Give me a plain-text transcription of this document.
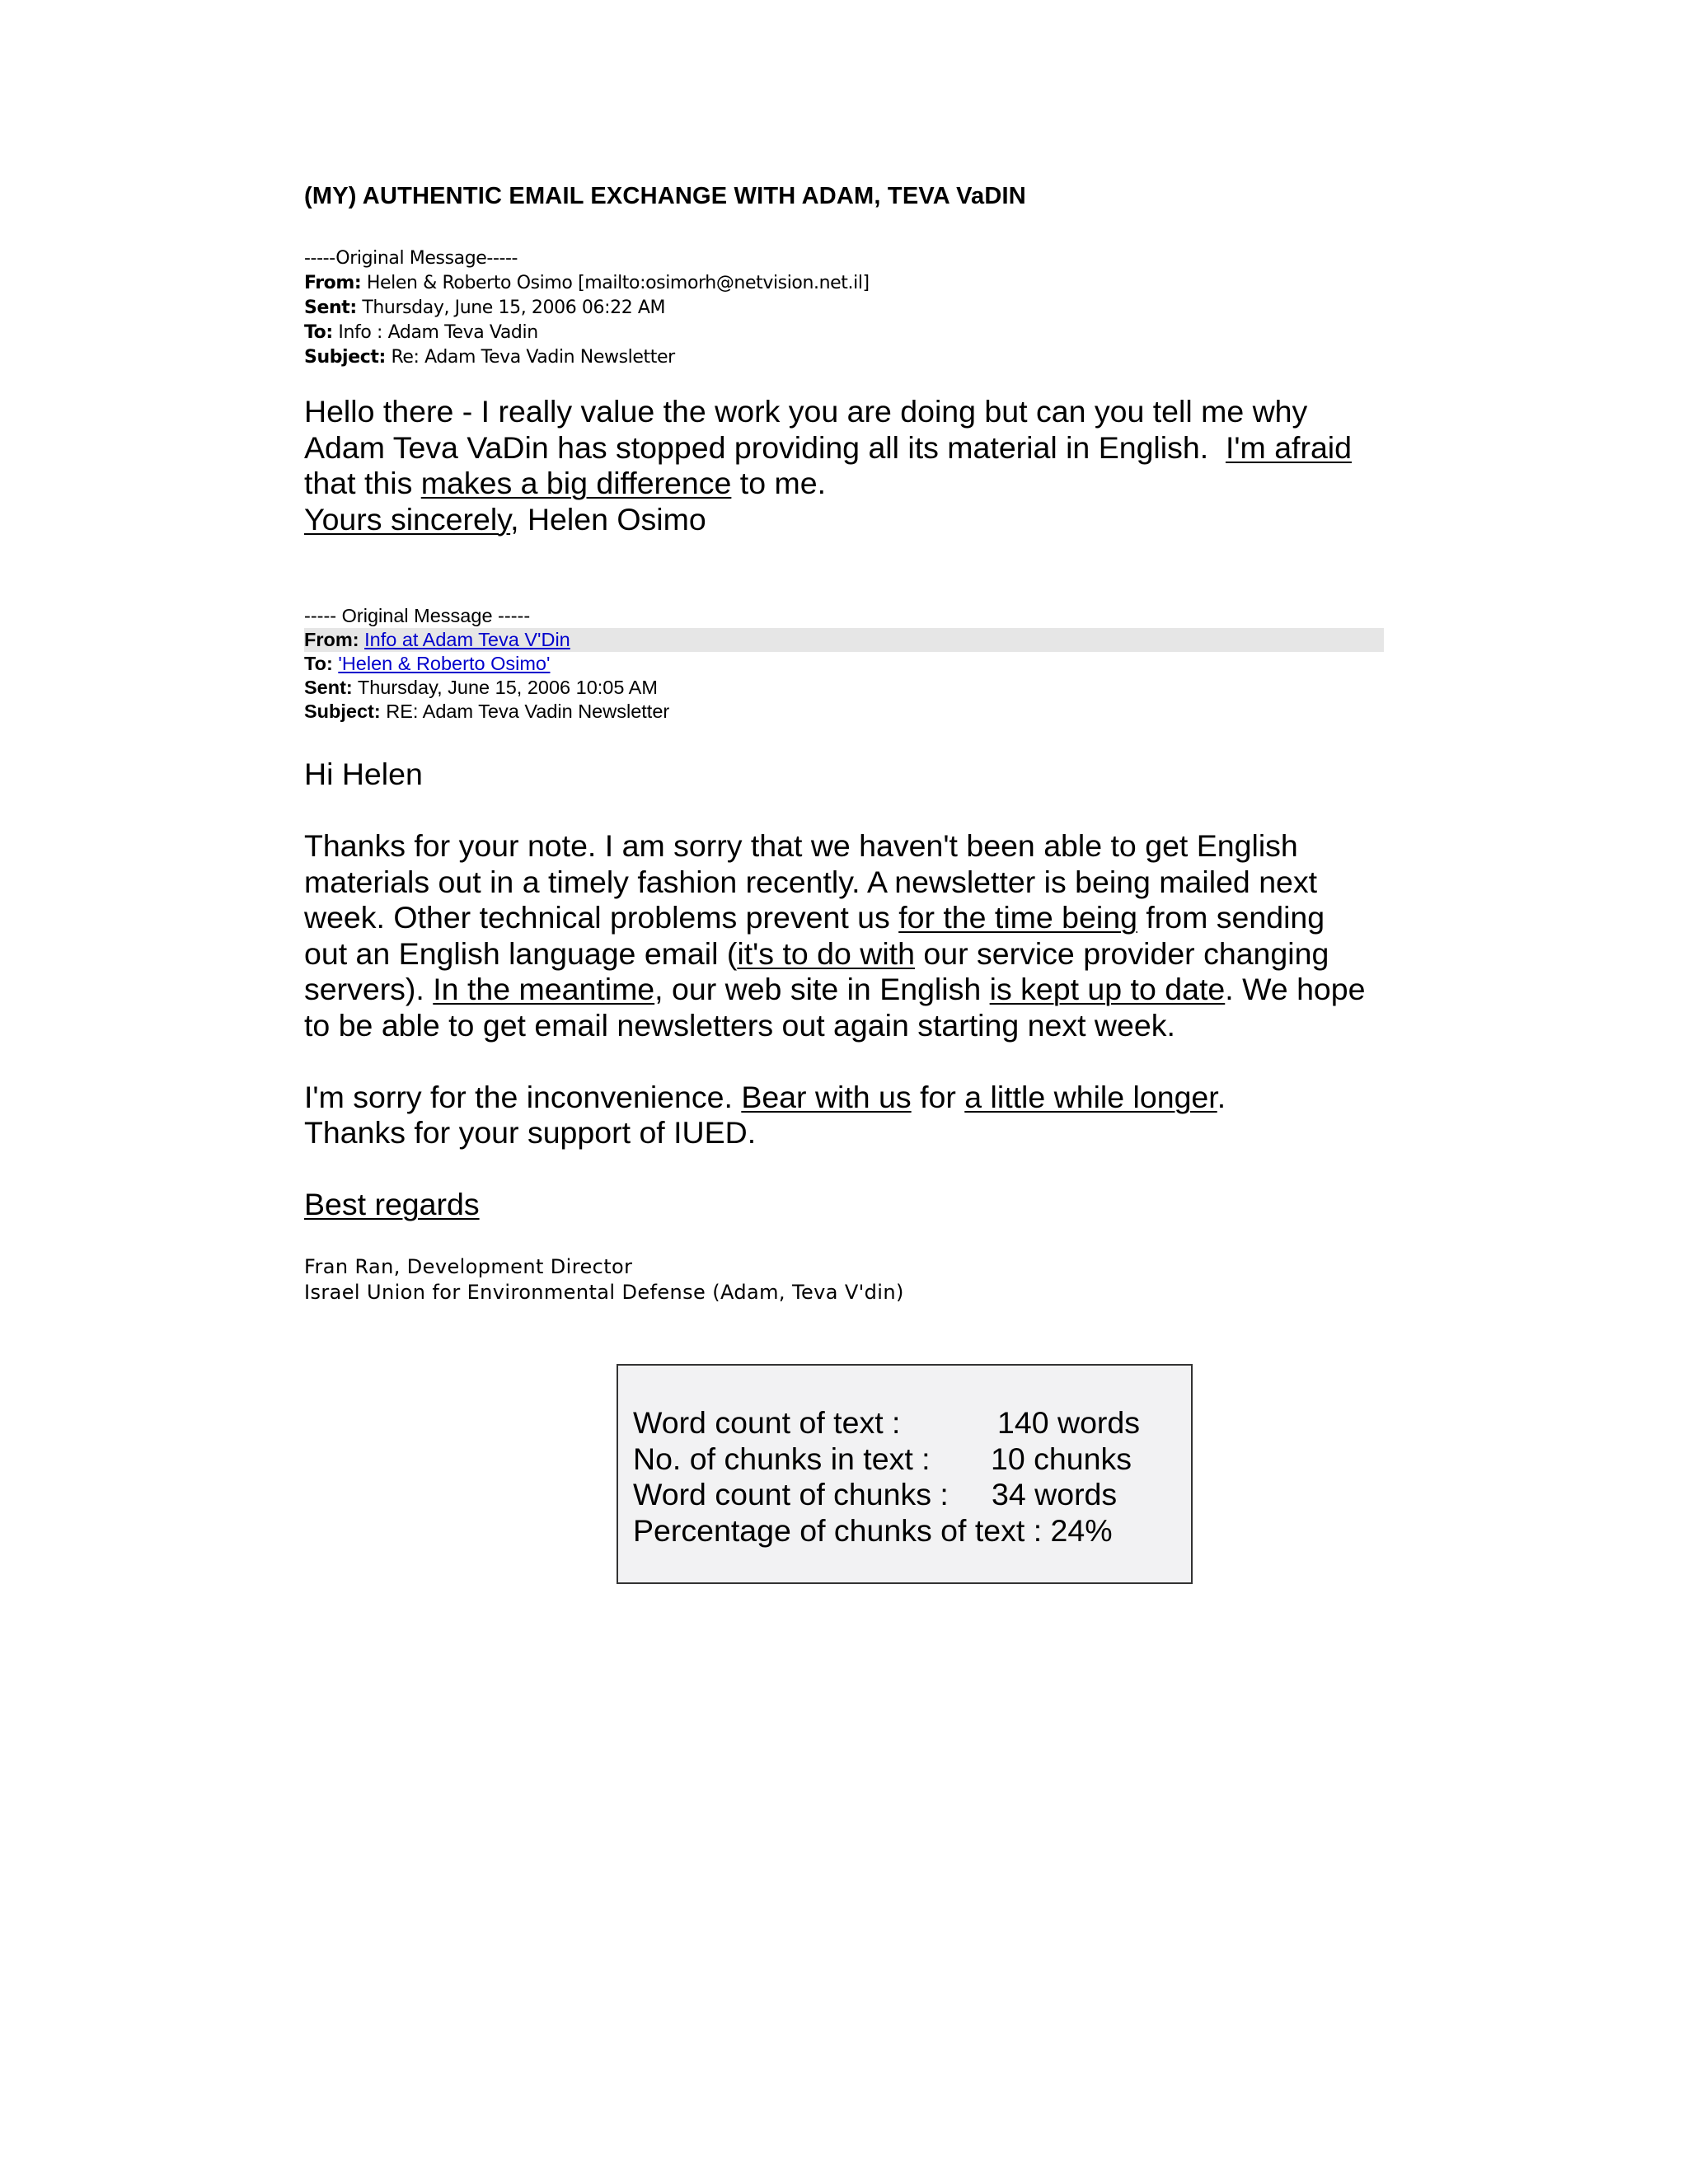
(MY) AUTHENTIC EMAIL EXCHANGE WITH ADAM, TEVA VaDIN
-----Original Message-----
From: Helen & Roberto Osimo [mailto:osimorh@netvision.net.il]
Sent: Thursday, June 15, 2006 06:22 AM
To: Info : Adam Teva Vadin
Subject: Re: Adam Teva Vadin Newsletter
Hello there - I really value the work you are doing but can you tell me why
Adam Teva VaDin has stopped providing all its material in English.  I'm afraid
that this makes a big difference to me.
Yours sincerely, Helen Osimo
----- Original Message -----
From: Info at Adam Teva V'Din
To: 'Helen & Roberto Osimo'
Sent: Thursday, June 15, 2006 10:05 AM
Subject: RE: Adam Teva Vadin Newsletter
Hi Helen
Thanks for your note. I am sorry that we haven't been able to get English
materials out in a timely fashion recently. A newsletter is being mailed next
week. Other technical problems prevent us for the time being from sending
out an English language email (it's to do with our service provider changing
servers). In the meantime, our web site in English is kept up to date. We hope
to be able to get email newsletters out again starting next week.
I'm sorry for the inconvenience. Bear with us for a little while longer.
Thanks for your support of IUED.
Best regards
Fran Ran, Development Director
Israel Union for Environmental Defense (Adam, Teva V'din)
Word count of text :	140 words
No. of chunks in text : 10 chunks
Word count of chunks : 34 words
Percentage of chunks of text : 24%
